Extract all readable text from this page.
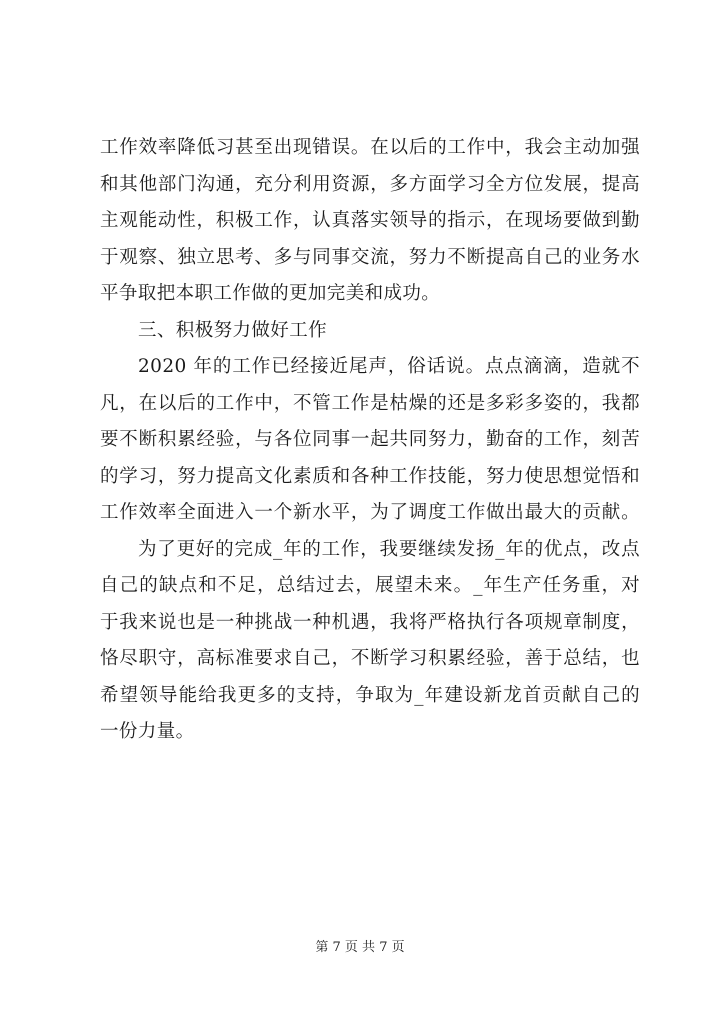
工作效率降低习甚至出现错误。在以后的工作中，我会主动加强
和其他部门沟通，充分利用资源，多方面学习全方位发展，提高
主观能动性，积极工作，认真落实领导的指示，在现场要做到勤
于观察、独立思考、多与同事交流，努力不断提高自己的业务水
平争取把本职工作做的更加完美和成功。
三、积极努力做好工作
2020 年的工作已经接近尾声，俗话说。点点滴滴，造就不
凡，在以后的工作中，不管工作是枯燥的还是多彩多姿的，我都
要不断积累经验，与各位同事一起共同努力，勤奋的工作，刻苦
的学习，努力提高文化素质和各种工作技能，努力使思想觉悟和
工作效率全面进入一个新水平，为了调度工作做出最大的贡献。
为了更好的完成_年的工作，我要继续发扬_年的优点，改点
自己的缺点和不足，总结过去，展望未来。_年生产任务重，对
于我来说也是一种挑战一种机遇，我将严格执行各项规章制度，
恪尽职守，高标准要求自己，不断学习积累经验，善于总结，也
希望领导能给我更多的支持，争取为_年建设新龙首贡献自己的
一份力量。
第 7 页 共 7 页
